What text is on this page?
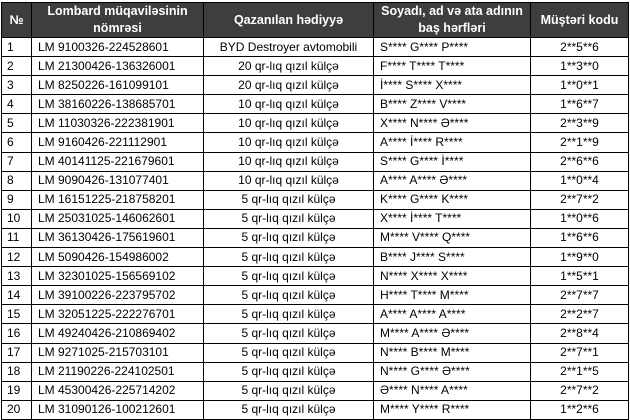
№	Lombard müqaviləsinin nömrəsi	Qazanılan hədiyyə	Soyadı, ad və ata adının baş hərfləri	Müştəri kodu
1	LM 9100326-224528601	BYD Destroyer avtomobili	S**** G**** P****	2**5**6
2	LM 21300426-136326001	20 qr-lıq qızıl külçə	F**** T**** T****	1**3**0
3	LM 8250226-161099101	20 qr-lıq qızıl külçə	İ**** S**** X****	1**0**1
4	LM 38160226-138685701	10 qr-lıq qızıl külçə	B**** Z**** V****	1**6**7
5	LM 11030326-222381901	10 qr-lıq qızıl külçə	X**** N**** Ə****	2**3**9
6	LM 9160426-221112901	10 qr-lıq qızıl külçə	A**** İ**** R****	2**1**9
7	LM 40141125-221679601	10 qr-lıq qızıl külçə	S**** G**** İ****	2**6**6
8	LM 9090426-131077401	10 qr-lıq qızıl külçə	A**** A**** Ə****	1**0**4
9	LM 16151225-218758201	5 qr-lıq qızıl külçə	K**** G**** K****	2**7**2
10	LM 25031025-146062601	5 qr-lıq qızıl külçə	X**** İ**** T****	1**0**6
11	LM 36130426-175619601	5 qr-lıq qızıl külçə	M**** V**** Q****	1**6**6
12	LM 5090426-154986002	5 qr-lıq qızıl külçə	B**** J**** S****	1**9**0
13	LM 32301025-156569102	5 qr-lıq qızıl külçə	N**** X**** X****	1**5**1
14	LM 39100226-223795702	5 qr-lıq qızıl külçə	H**** T**** M****	2**7**7
15	LM 32051225-222276701	5 qr-lıq qızıl külçə	A**** A**** A****	2**2**7
16	LM 49240426-210869402	5 qr-lıq qızıl külçə	M**** A**** Ə****	2**8**4
17	LM 9271025-215703101	5 qr-lıq qızıl külçə	N**** B**** M****	2**7**1
18	LM 21190226-224102501	5 qr-lıq qızıl külçə	N**** G**** Ə****	2**1**5
19	LM 45300426-225714202	5 qr-lıq qızıl külçə	Ə**** N**** A****	2**7**2
20	LM 31090126-100212601	5 qr-lıq qızıl külçə	M**** Y**** R****	1**2**6
